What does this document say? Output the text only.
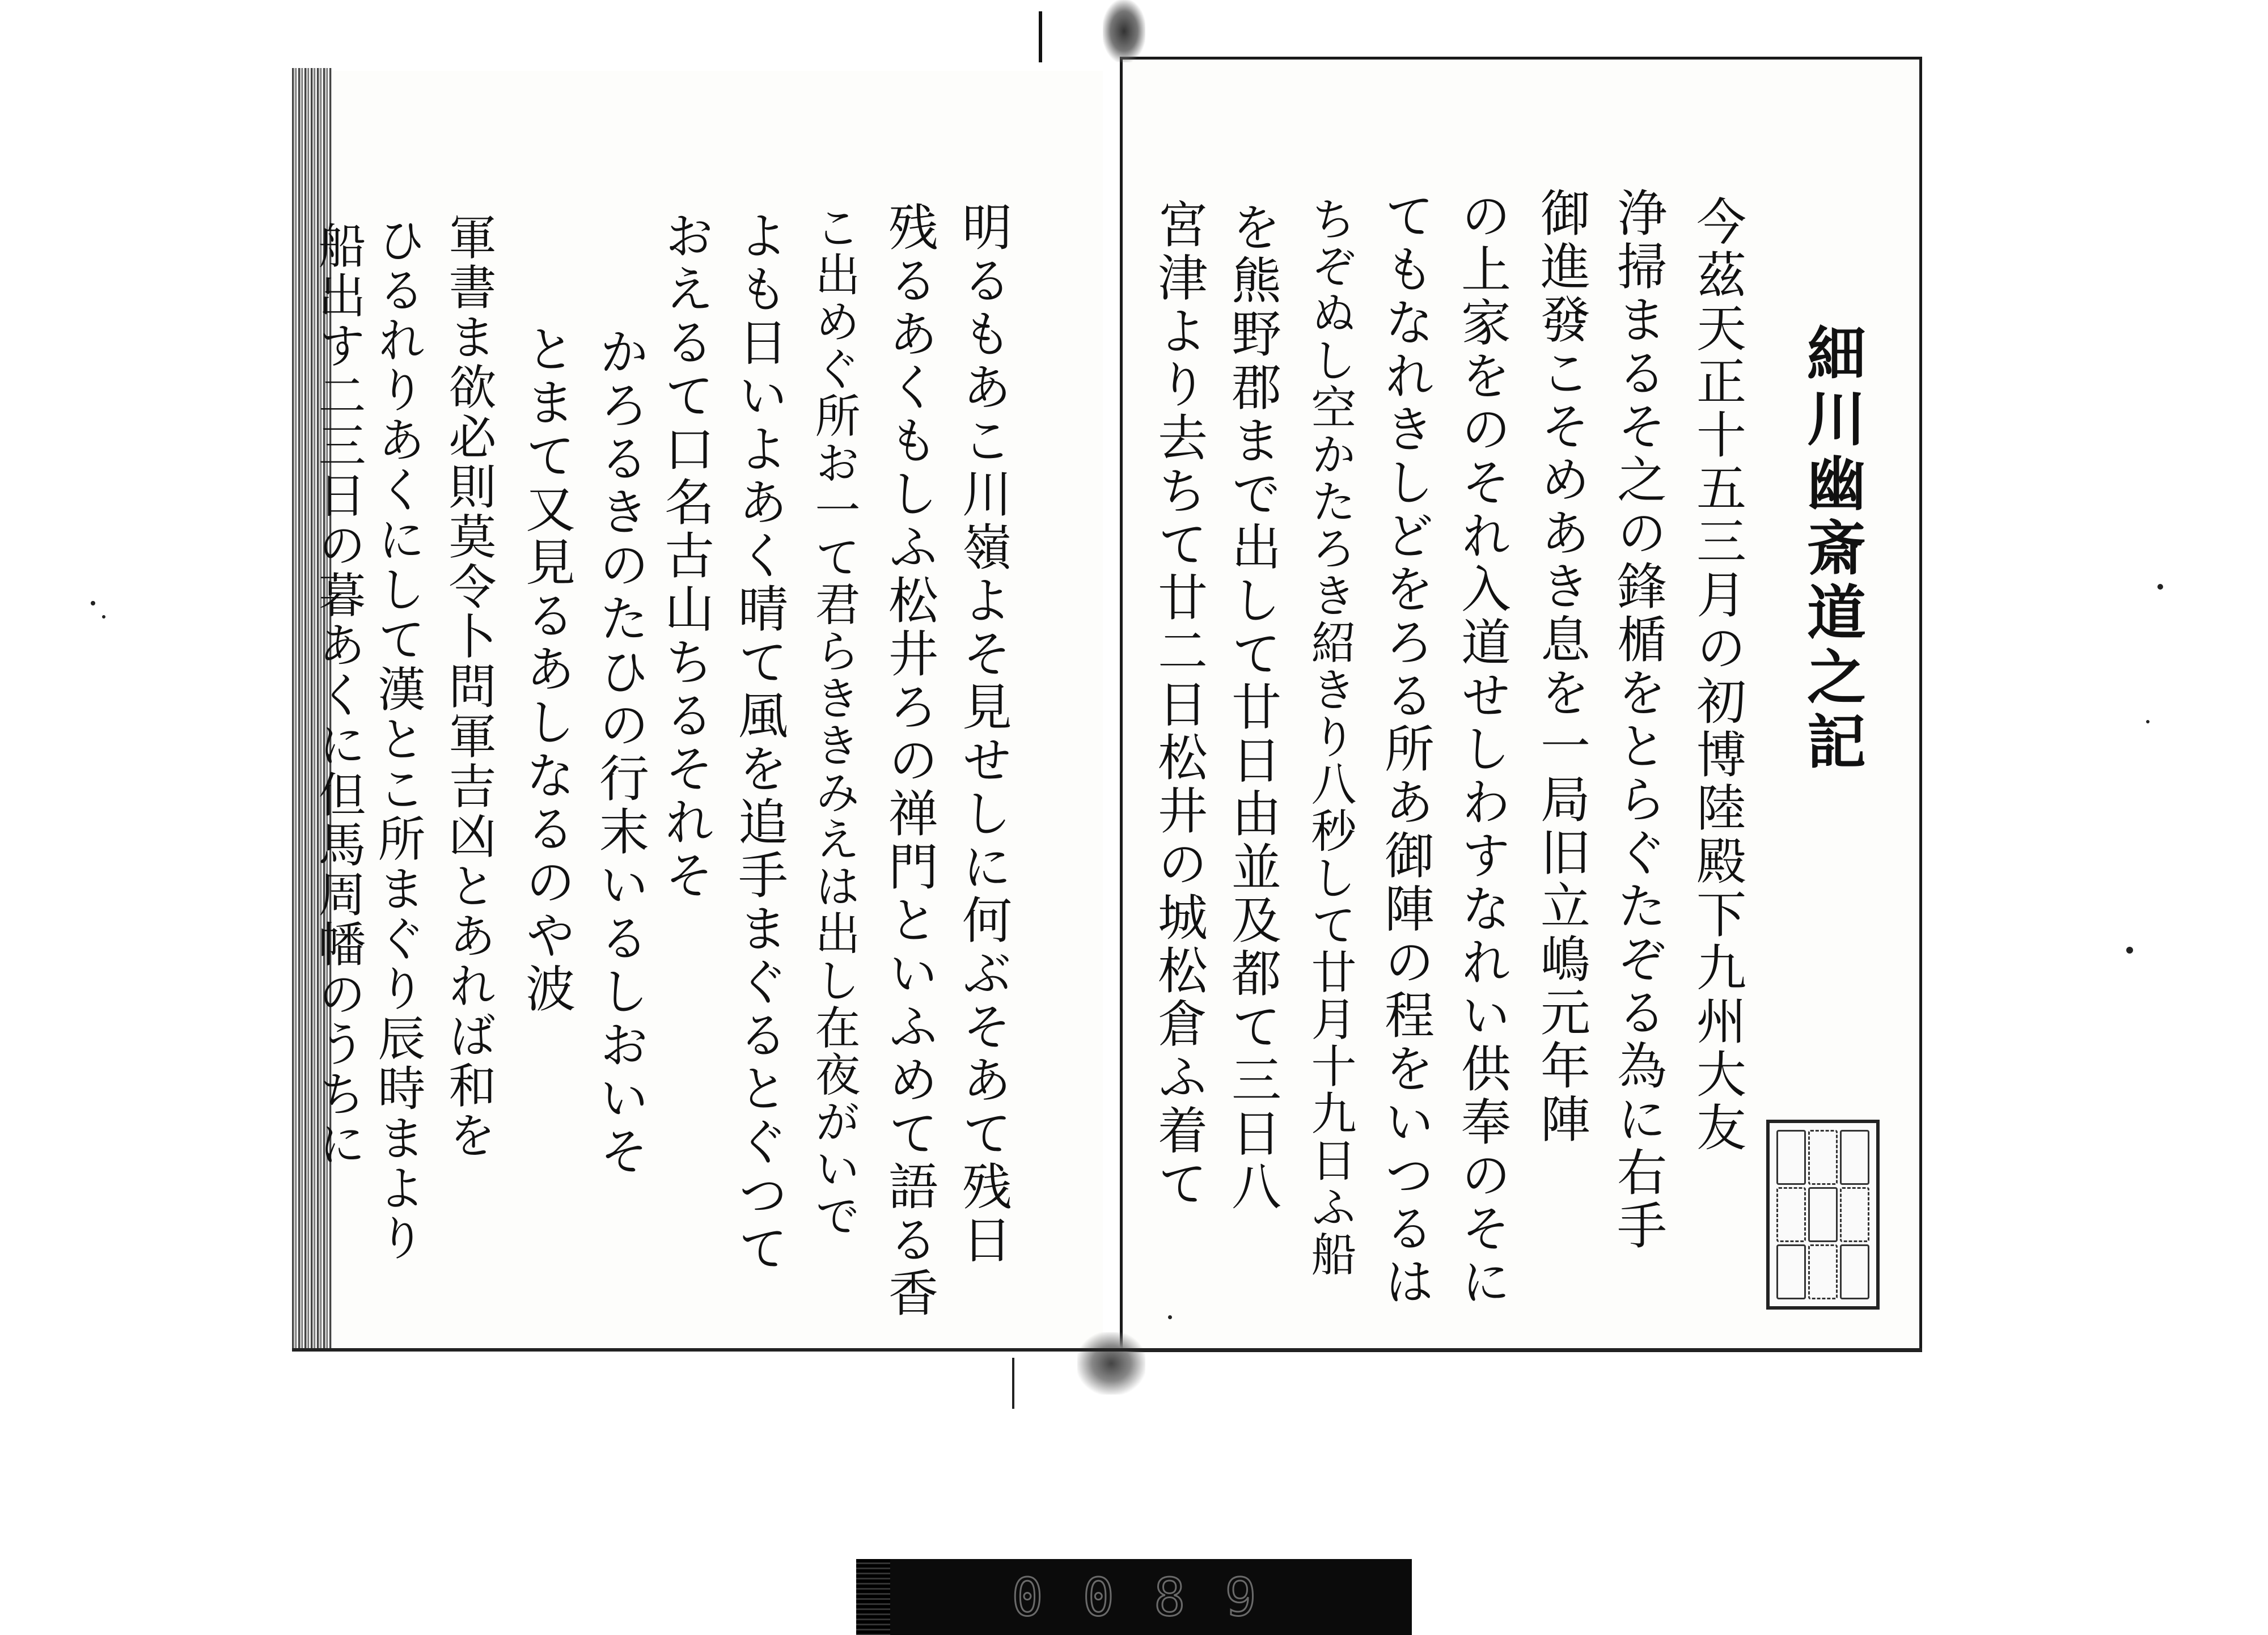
細川幽斎道之記
今茲天正十五三月の初博陸殿下九州大友
浄掃まるそ之の鋒楯をとらぐたぞる為に右手
御進發こそめあき息を一局旧立嶋元年陣
の上家をのそれ入道せしわすなれい供奉のそに
てもなれきしどをろる所あ御陣の程をいつるは
ちぞぬし空かたろき紹きり八秒して廿月十九日ふ船
を熊野郡まで出して廿日由並及都て三日八
宮津より去ちて廿二日松井の城松倉ふ着て
明るもあこ川嶺よそ見せしに何ぶそあて残日
残るあくもしふ松井ろの禅門といふめて語る香
こ出めぐ所お一て君らききみえは出し在夜がいで
よも日いよあく晴て風を追手まぐるとぐつて
おえるて口名古山ちるそれそ
かろるきのたひの行末いるしおいそ
とまて又見るあしなるのや波
軍書ま欲必則莫令卜問軍吉凶とあれば和を
ひるれりあくにして漢とこ所まぐり辰時まより
船出す二三日の暮あくに但馬周幡のうちに
0 0 8 9
